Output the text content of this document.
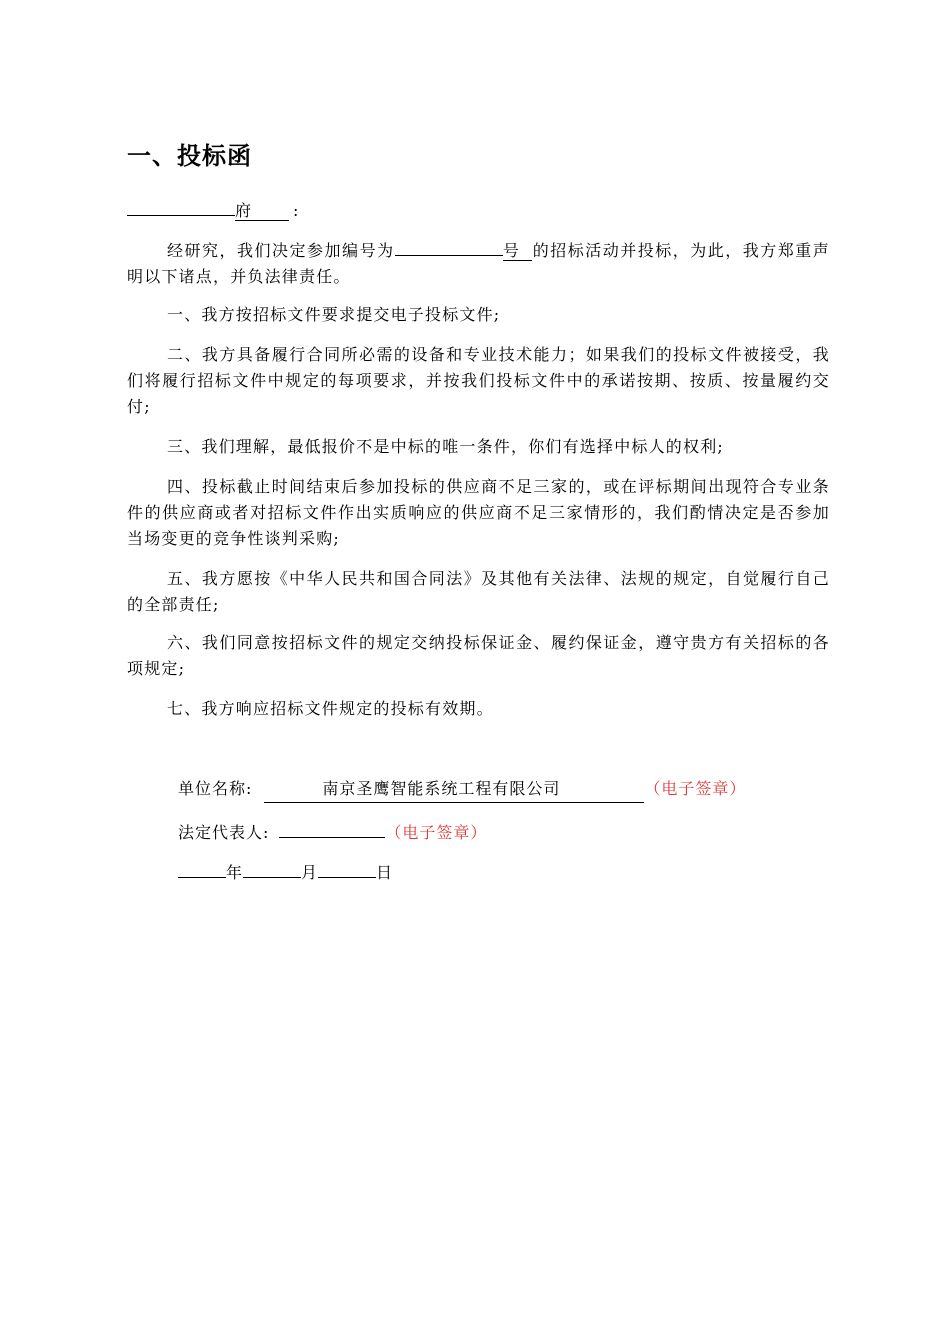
一、投标函
府	:

经研究，我们决定参加编号为	号 的招标活动并投标，为此，我方郑重声明以下诸点，并负法律责任。

一、我方按招标文件要求提交电子投标文件;

二、我方具备履行合同所必需的设备和专业技术能力；如果我们的投标文件被接受，我们将履行招标文件中规定的每项要求，并按我们投标文件中的承诺按期、按质、按量履约交付;

三、我们理解，最低报价不是中标的唯一条件，你们有选择中标人的权利;

四、投标截止时间结束后参加投标的供应商不足三家的，或在评标期间出现符合专业条件的供应商或者对招标文件作出实质响应的供应商不足三家情形的，我们酌情决定是否参加当场变更的竞争性谈判采购;

五、我方愿按《中华人民共和国合同法》及其他有关法律、法规的规定，自觉履行自己的全部责任;

六、我们同意按招标文件的规定交纳投标保证金、履约保证金，遵守贵方有关招标的各项规定;

七、我方响应招标文件规定的投标有效期。

单位名称:	南京圣鹰智能系统工程有限公司	（电子签章）
法定代表人:	（电子签章）
年	月	日
